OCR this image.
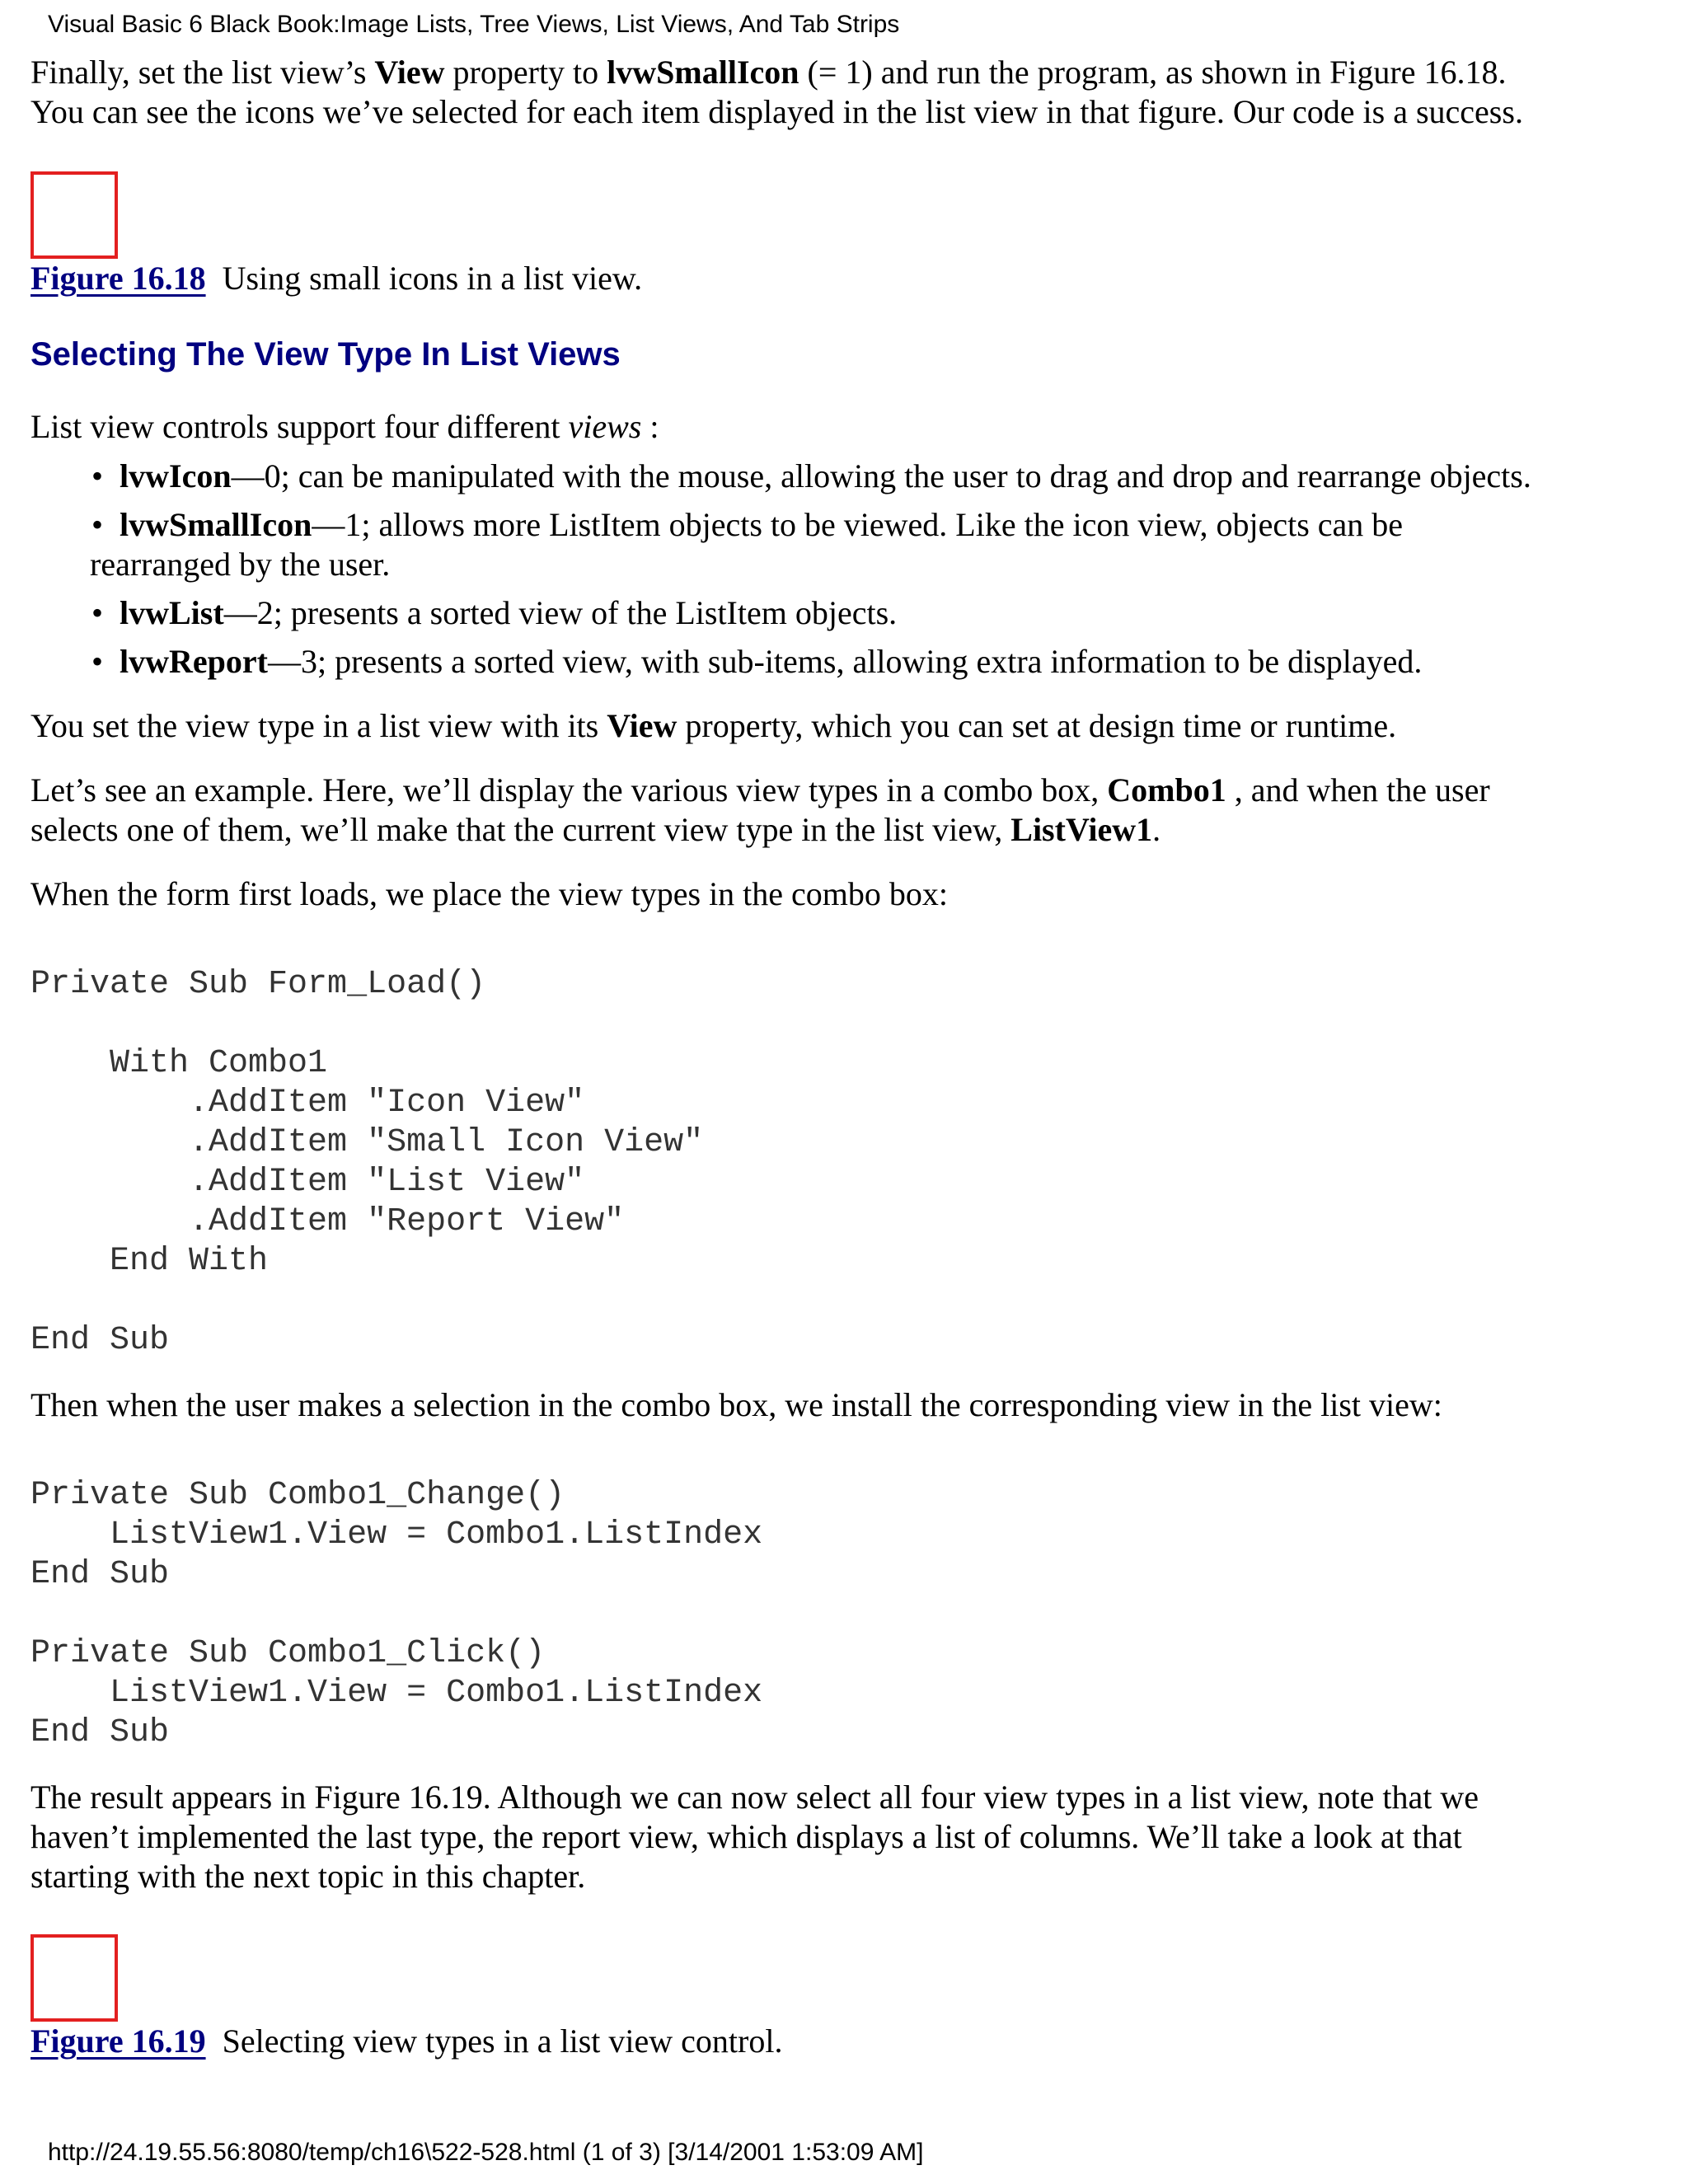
Visual Basic 6 Black Book:Image Lists, Tree Views, List Views, And Tab Strips

Finally, set the list view’s View property to lvwSmallIcon (= 1) and run the program, as shown in Figure 16.18.
You can see the icons we’ve selected for each item displayed in the list view in that figure. Our code is a success.

Figure 16.18 Using small icons in a list view.
Selecting The View Type In List Views

List view controls support four different views :

• lvwIcon—0; can be manipulated with the mouse, allowing the user to drag and drop and rearrange objects.
• lvwSmallIcon—1; allows more ListItem objects to be viewed. Like the icon view, objects can be
rearranged by the user.
• lvwList—2; presents a sorted view of the ListItem objects.
• lvwReport—3; presents a sorted view, with sub-items, allowing extra information to be displayed.

You set the view type in a list view with its View property, which you can set at design time or runtime.

Let’s see an example. Here, we’ll display the various view types in a combo box, Combo1 , and when the user
selects one of them, we’ll make that the current view type in the list view, ListView1.

When the form first loads, we place the view types in the combo box:

Private Sub Form_Load()

With Combo1
.AddItem "Icon View"
.AddItem "Small Icon View"
.AddItem "List View"
.AddItem "Report View"
End With

End Sub

Then when the user makes a selection in the combo box, we install the corresponding view in the list view:

Private Sub Combo1_Change()
ListView1.View = Combo1.ListIndex
End Sub

Private Sub Combo1_Click()
ListView1.View = Combo1.ListIndex
End Sub

The result appears in Figure 16.19. Although we can now select all four view types in a list view, note that we
haven’t implemented the last type, the report view, which displays a list of columns. We’ll take a look at that
starting with the next topic in this chapter.

Figure 16.19 Selecting view types in a list view control.
http://24.19.55.56:8080/temp/ch16\522-528.html (1 of 3) [3/14/2001 1:53:09 AM]
